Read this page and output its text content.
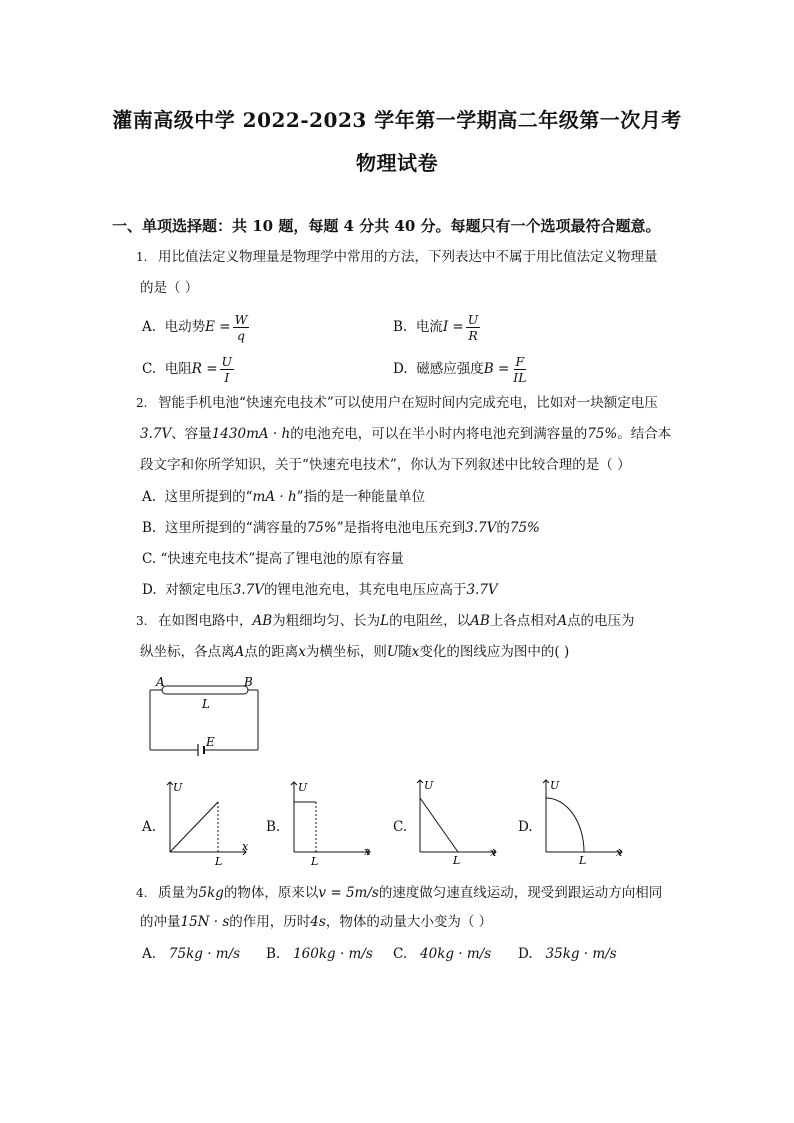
灌南高级中学 2022-2023 学年第一学期高二年级第一次月考
物理试卷
一、单项选择题：共 10 题，每题 4 分共 40 分。每题只有一个选项最符合题意。
1. 用比值法定义物理量是物理学中常用的方法，下列表达中不属于用比值法定义物理量
的是（ ）
A. 电动势$E = \frac{W}{q}$	B. 电流$I = \frac{U}{R}$
C. 电阻$R = \frac{U}{I}$	D. 磁感应强度$B = \frac{F}{IL}$
2. 智能手机电池“快速充电技术”可以使用户在短时间内完成充电，比如对一块额定电压
3.7V、容量1430mA · h的电池充电，可以在半小时内将电池充到满容量的75%。结合本
段文字和你所学知识，关于“快速充电技术”，你认为下列叙述中比较合理的是（ ）
A. 这里所提到的“mA · h”指的是一种能量单位
B. 这里所提到的“满容量的75%”是指将电池电压充到3.7V的75%
C. “快速充电技术”提高了锂电池的原有容量
D. 对额定电压3.7V的锂电池充电，其充电电压应高于3.7V
3. 在如图电路中，AB为粗细均匀、长为L的电阻丝，以AB上各点相对A点的电压为
纵坐标，各点离A点的距离x为横坐标，则U随x变化的图线应为图中的( )
A	B
L
E
A.
U
x
L
B.
U
x
L
C.
U
x
L
D.
U
x
L
4. 质量为5kg的物体，原来以v = 5m/s的速度做匀速直线运动，现受到跟运动方向相同
的冲量15N · s的作用，历时4s，物体的动量大小变为（ ）
A. 75kg · m/s B. 160kg · m/s C. 40kg · m/s D. 35kg · m/s
